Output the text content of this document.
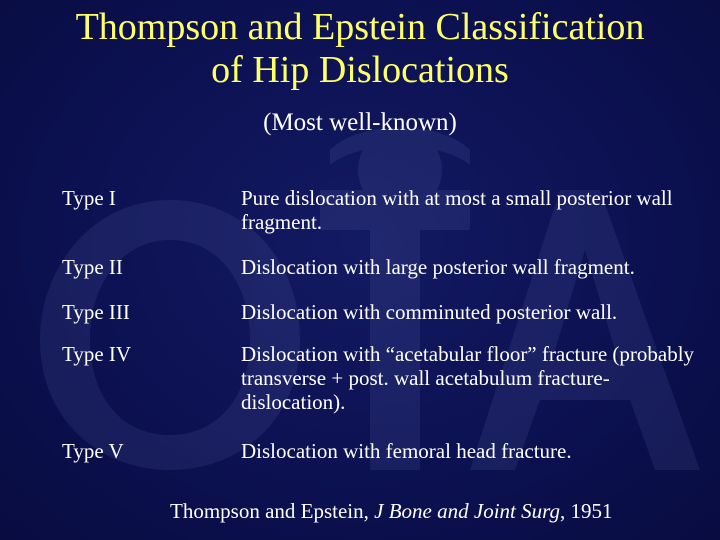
Thompson and Epstein Classification
of Hip Dislocations
(Most well-known)
Type I	Pure dislocation with at most a small posterior wall fragment.
Type II	Dislocation with large posterior wall fragment.
Type III	Dislocation with comminuted posterior wall.
Type IV	Dislocation with “acetabular floor” fracture (probably transverse + post. wall acetabulum fracture-dislocation).
Type V	Dislocation with femoral head fracture.
Thompson and Epstein, J Bone and Joint Surg, 1951
